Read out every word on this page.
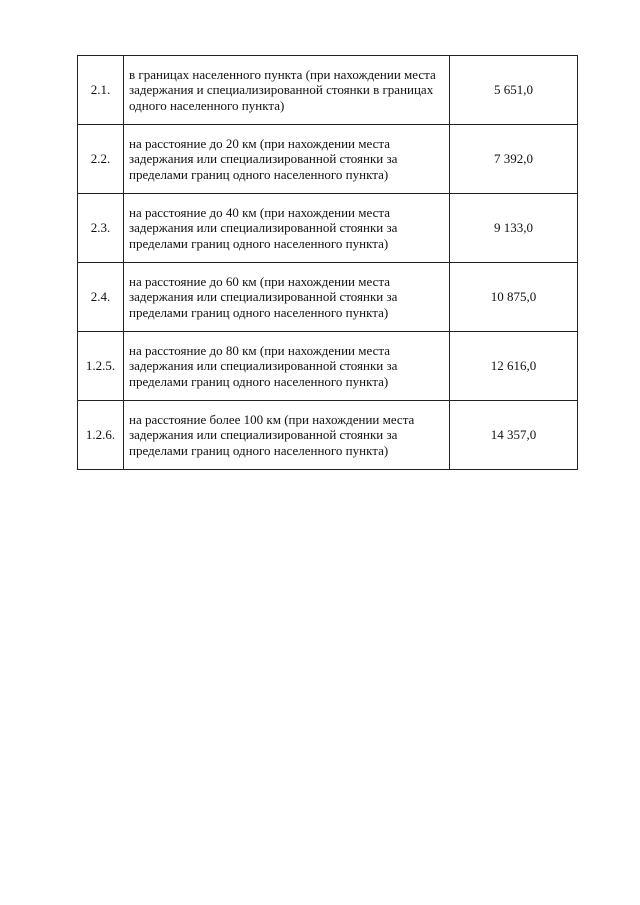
2.1.	в границах населенного пункта (при нахождении места задержания и специализированной стоянки в границах одного населенного пункта)	5 651,0
2.2.	на расстояние до 20 км (при нахождении места задержания или специализированной стоянки за пределами границ одного населенного пункта)	7 392,0
2.3.	на расстояние до 40 км (при нахождении места задержания или специализированной стоянки за пределами границ одного населенного пункта)	9 133,0
2.4.	на расстояние до 60 км (при нахождении места задержания или специализированной стоянки за пределами границ одного населенного пункта)	10 875,0
1.2.5.	на расстояние до 80 км (при нахождении места задержания или специализированной стоянки за пределами границ одного населенного пункта)	12 616,0
1.2.6.	на расстояние более 100 км (при нахождении места задержания или специализированной стоянки за пределами границ одного населенного пункта)	14 357,0
